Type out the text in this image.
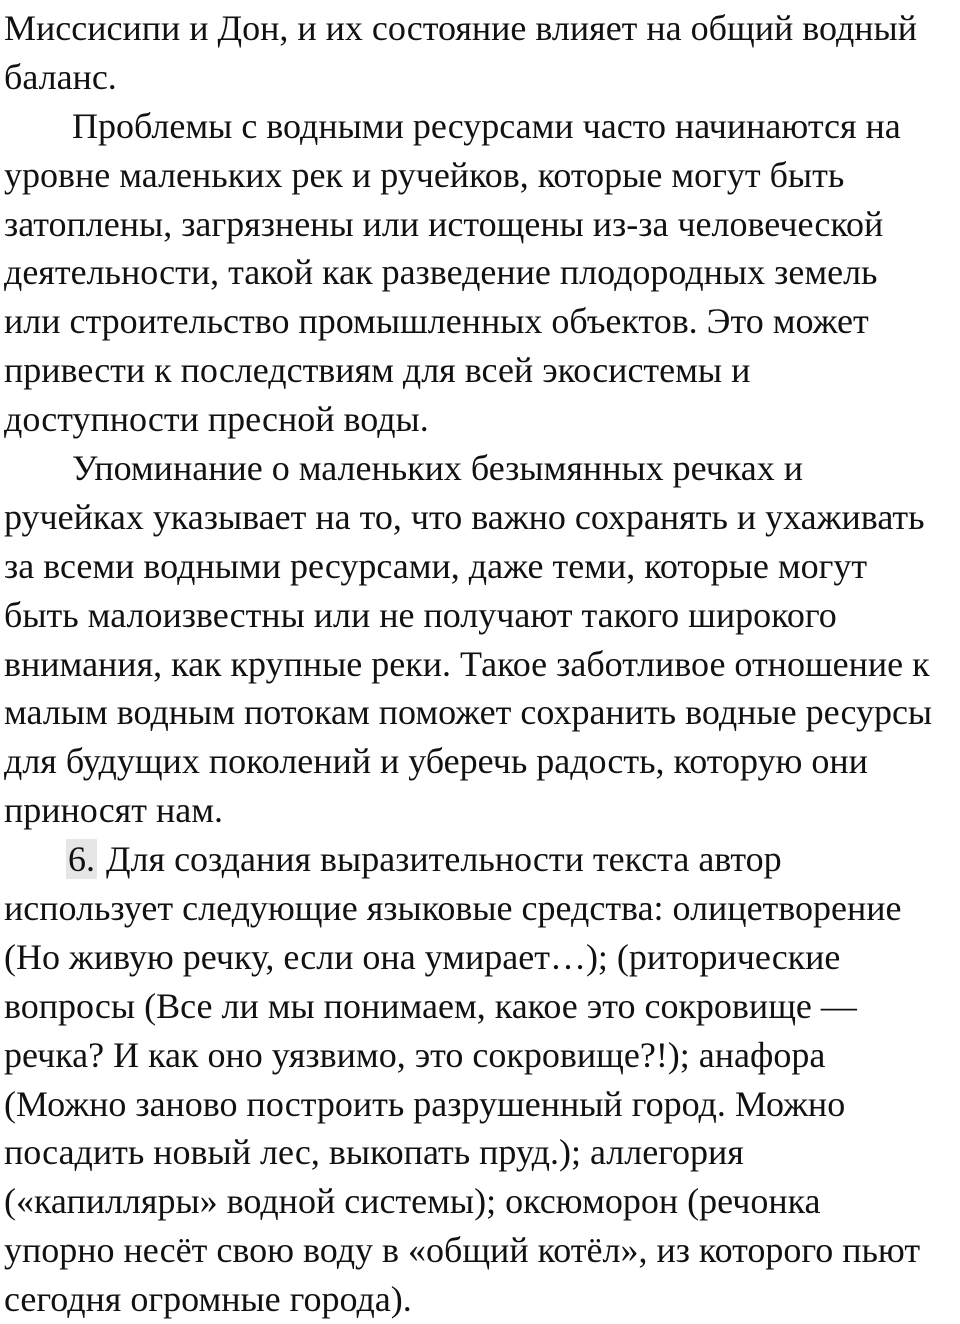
Миссисипи и Дон, и их состояние влияет на общий водный
баланс.
Проблемы с водными ресурсами часто начинаются на
уровне маленьких рек и ручейков, которые могут быть
затоплены, загрязнены или истощены из-за человеческой
деятельности, такой как разведение плодородных земель
или строительство промышленных объектов. Это может
привести к последствиям для всей экосистемы и
доступности пресной воды.
Упоминание о маленьких безымянных речках и
ручейках указывает на то, что важно сохранять и ухаживать
за всеми водными ресурсами, даже теми, которые могут
быть малоизвестны или не получают такого широкого
внимания, как крупные реки. Такое заботливое отношение к
малым водным потокам поможет сохранить водные ресурсы
для будущих поколений и уберечь радость, которую они
приносят нам.
6. Для создания выразительности текста автор
использует следующие языковые средства: олицетворение
(Но живую речку, если она умирает…); (риторические
вопросы (Все ли мы понимаем, какое это сокровище —
речка? И как оно уязвимо, это сокровище?!); анафора
(Можно заново построить разрушенный город. Можно
посадить новый лес, выкопать пруд.); аллегория
(«капилляры» водной системы); оксюморон (речонка
упорно несёт свою воду в «общий котёл», из которого пьют
сегодня огромные города).
